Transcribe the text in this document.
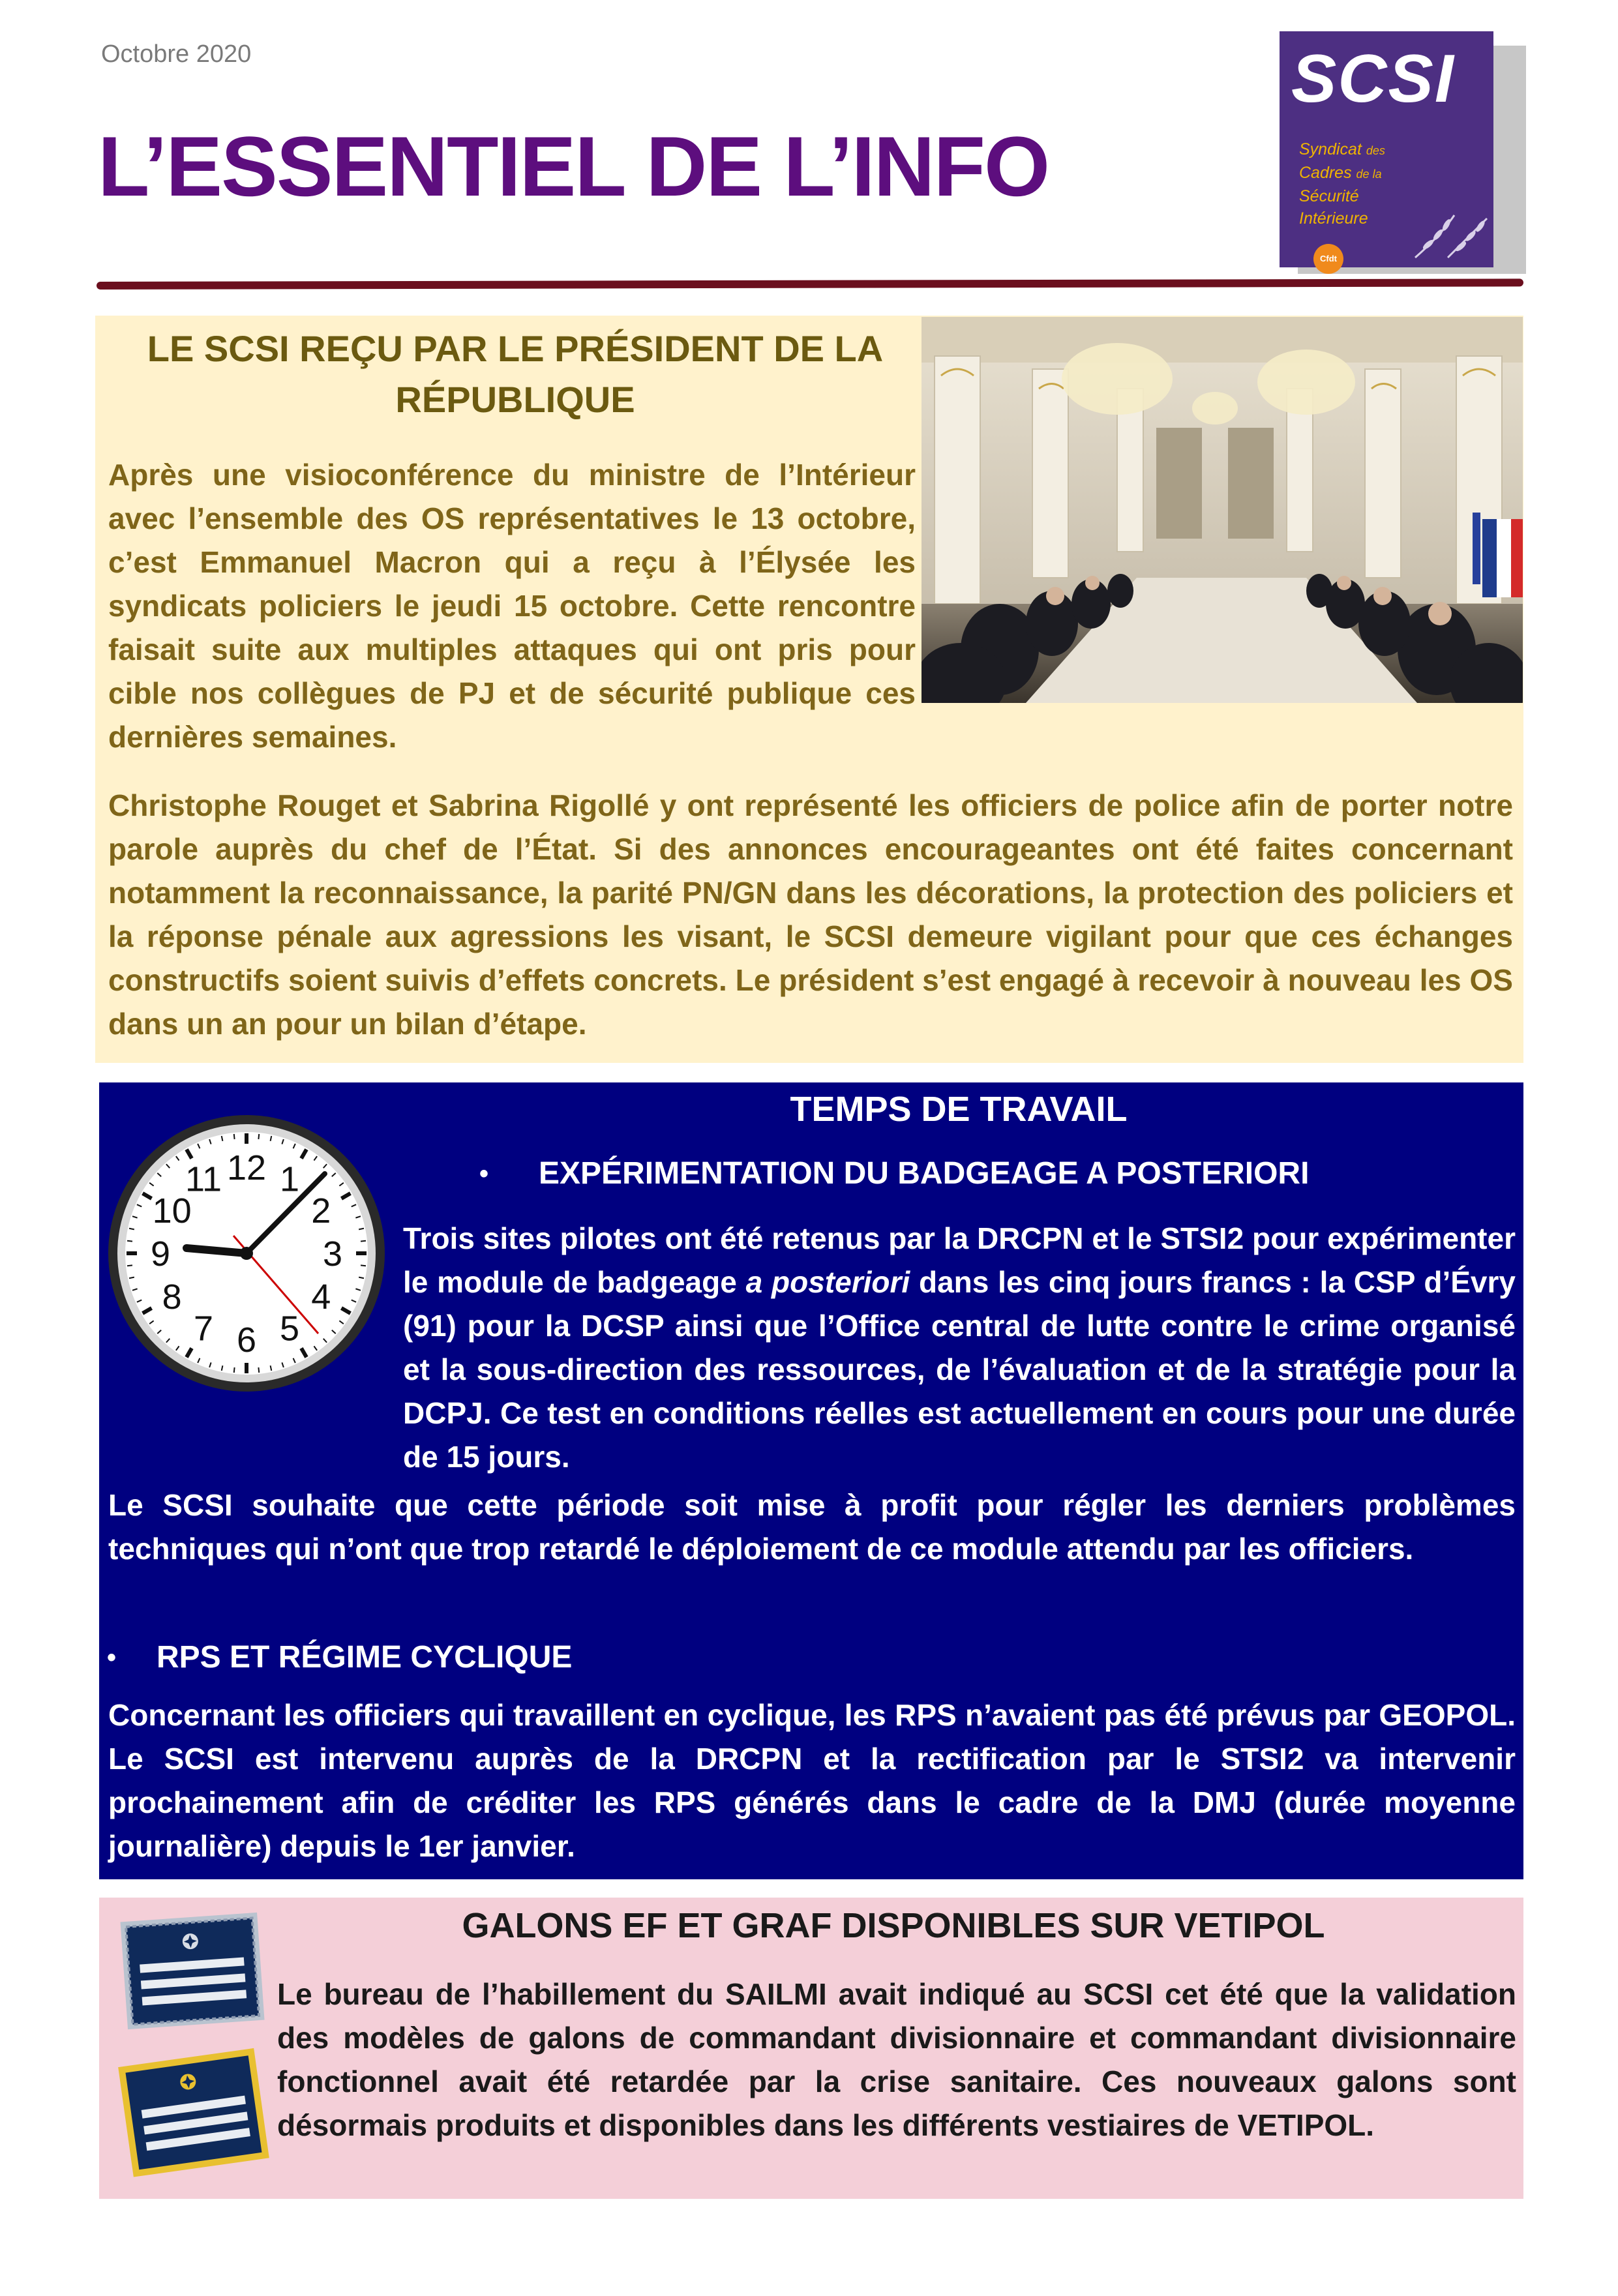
Octobre 2020
L’ESSENTIEL DE L’INFO
SCSI
Syndicat des
Cadres de la
Sécurité
Intérieure
Cfdt
LE SCSI REÇU PAR LE PRÉSIDENT DE LA RÉPUBLIQUE
Après une visioconférence du ministre de l’Intérieur avec l’ensemble des OS représentatives le 13 octobre, c’est Emmanuel Macron qui a reçu à l’Élysée les syndicats policiers le jeudi 15 octobre. Cette rencontre faisait suite aux multiples attaques qui ont pris pour cible nos collègues de PJ et de sécurité publique ces dernières semaines.
Christophe Rouget et Sabrina Rigollé y ont représenté les officiers de police afin de porter notre parole auprès du chef de l’État. Si des annonces encourageantes ont été faites concernant notamment la reconnaissance, la parité PN/GN dans les décorations, la protection des policiers et la réponse pénale aux agressions les visant, le SCSI demeure vigilant pour que ces échanges constructifs soient suivis d’effets concrets. Le président s’est engagé à recevoir à nouveau les OS dans un an pour un bilan d’étape.
TEMPS DE TRAVAIL
• EXPÉRIMENTATION DU BADGEAGE A POSTERIORI
Trois sites pilotes ont été retenus par la DRCPN et le STSI2 pour expérimenter le module de badgeage a posteriori dans les cinq jours francs : la CSP d’Évry (91) pour la DCSP ainsi que l’Office central de lutte contre le crime organisé et la sous-direction des ressources, de l’évaluation et de la stratégie pour la DCPJ. Ce test en conditions réelles est actuellement en cours pour une durée de 15 jours.
Le SCSI souhaite que cette période soit mise à profit pour régler les derniers problèmes techniques qui n’ont que trop retardé le déploiement de ce module attendu par les officiers.
• RPS ET RÉGIME CYCLIQUE
Concernant les officiers qui travaillent en cyclique, les RPS n’avaient pas été prévus par GEOPOL. Le SCSI est intervenu auprès de la DRCPN et la rectification par le STSI2 va intervenir prochainement afin de créditer les RPS générés dans le cadre de la DMJ (durée moyenne journalière) depuis le 1er janvier.
12 1
2
3
4
5
6
7
8
9
10
11
GALONS EF ET GRAF DISPONIBLES SUR VETIPOL
Le bureau de l’habillement du SAILMI avait indiqué au SCSI cet été que la validation des modèles de galons de commandant divisionnaire et commandant divisionnaire fonctionnel avait été retardée par la crise sanitaire. Ces nouveaux galons sont désormais produits et disponibles dans les différents vestiaires de VETIPOL.
